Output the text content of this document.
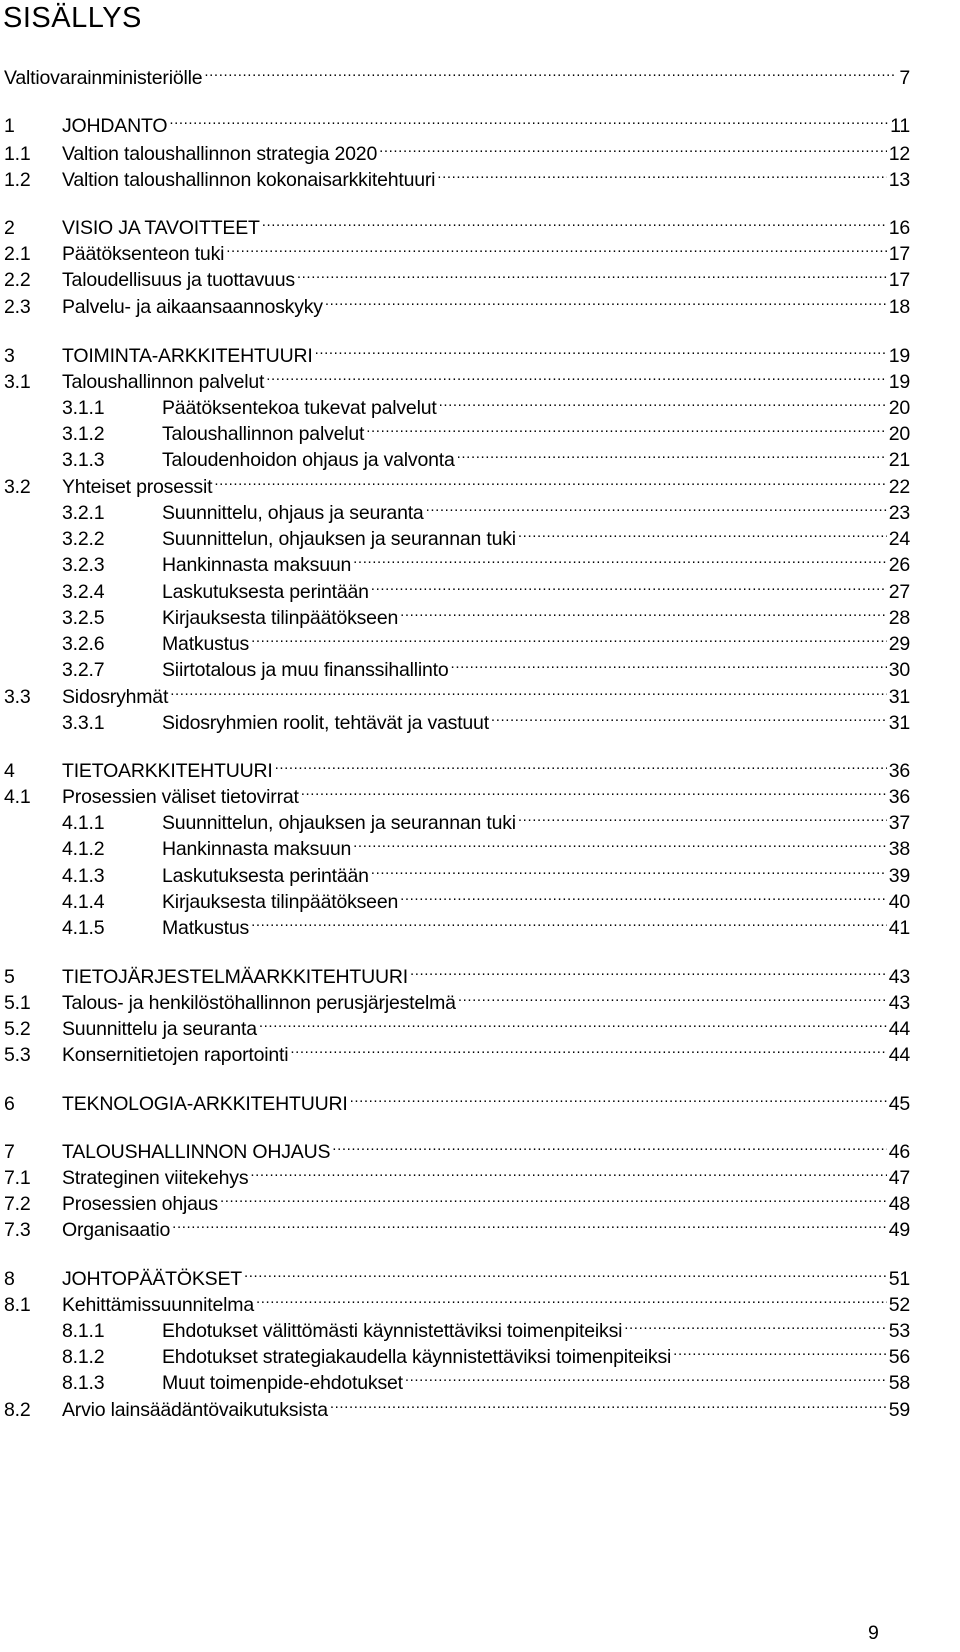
SISÄLLYS
Valtiovarainministeriölle .....	7
1	JOHDANTO .....	11
1.1	Valtion taloushallinnon strategia 2020 .....	12
1.2	Valtion taloushallinnon kokonaisarkkitehtuuri .....	13
2	VISIO JA TAVOITTEET .....	16
2.1	Päätöksenteon tuki .....	17
2.2	Taloudellisuus ja tuottavuus .....	17
2.3	Palvelu- ja aikaansaannoskyky .....	18
3	TOIMINTA-ARKKITEHTUURI .....	19
3.1	Taloushallinnon palvelut .....	19
3.1.1	Päätöksentekoa tukevat palvelut .....	20
3.1.2	Taloushallinnon palvelut .....	20
3.1.3	Taloudenhoidon ohjaus ja valvonta .....	21
3.2	Yhteiset prosessit .....	22
3.2.1	Suunnittelu, ohjaus ja seuranta .....	23
3.2.2	Suunnittelun, ohjauksen ja seurannan tuki .....	24
3.2.3	Hankinnasta maksuun .....	26
3.2.4	Laskutuksesta perintään .....	27
3.2.5	Kirjauksesta tilinpäätökseen .....	28
3.2.6	Matkustus .....	29
3.2.7	Siirtotalous ja muu finanssihallinto .....	30
3.3	Sidosryhmät .....	31
3.3.1	Sidosryhmien roolit, tehtävät ja vastuut .....	31
4	TIETOARKKITEHTUURI .....	36
4.1	Prosessien väliset tietovirrat .....	36
4.1.1	Suunnittelun, ohjauksen ja seurannan tuki .....	37
4.1.2	Hankinnasta maksuun .....	38
4.1.3	Laskutuksesta perintään .....	39
4.1.4	Kirjauksesta tilinpäätökseen .....	40
4.1.5	Matkustus .....	41
5	TIETOJÄRJESTELMÄARKKITEHTUURI .....	43
5.1	Talous- ja henkilöstöhallinnon perusjärjestelmä .....	43
5.2	Suunnittelu ja seuranta .....	44
5.3	Konsernitietojen raportointi .....	44
6	TEKNOLOGIA-ARKKITEHTUURI .....	45
7	TALOUSHALLINNON OHJAUS .....	46
7.1	Strateginen viitekehys .....	47
7.2	Prosessien ohjaus .....	48
7.3	Organisaatio .....	49
8	JOHTOPÄÄTÖKSET .....	51
8.1	Kehittämissuunnitelma .....	52
8.1.1	Ehdotukset välittömästi käynnistettäviksi toimenpiteiksi .....	53
8.1.2	Ehdotukset strategiakaudella käynnistettäviksi toimenpiteiksi .....	56
8.1.3	Muut toimenpide-ehdotukset .....	58
8.2	Arvio lainsäädäntövaikutuksista .....	59
9
